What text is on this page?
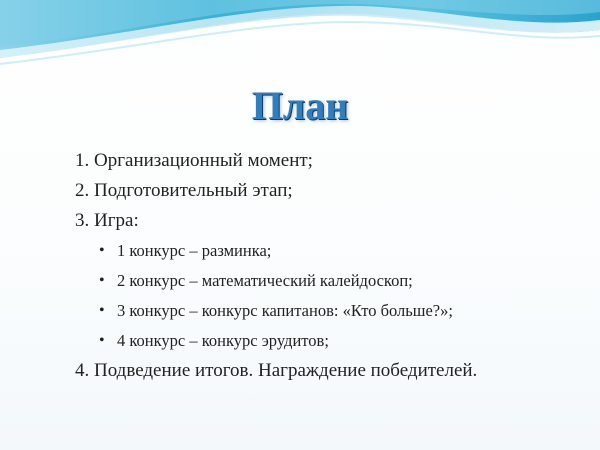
План
1. Организационный момент;
2. Подготовительный этап;
3. Игра:
• 1 конкурс – разминка;
• 2 конкурс – математический калейдоскоп;
• 3 конкурс – конкурс капитанов: «Кто больше?»;
• 4 конкурс – конкурс эрудитов;
4. Подведение итогов. Награждение победителей.
